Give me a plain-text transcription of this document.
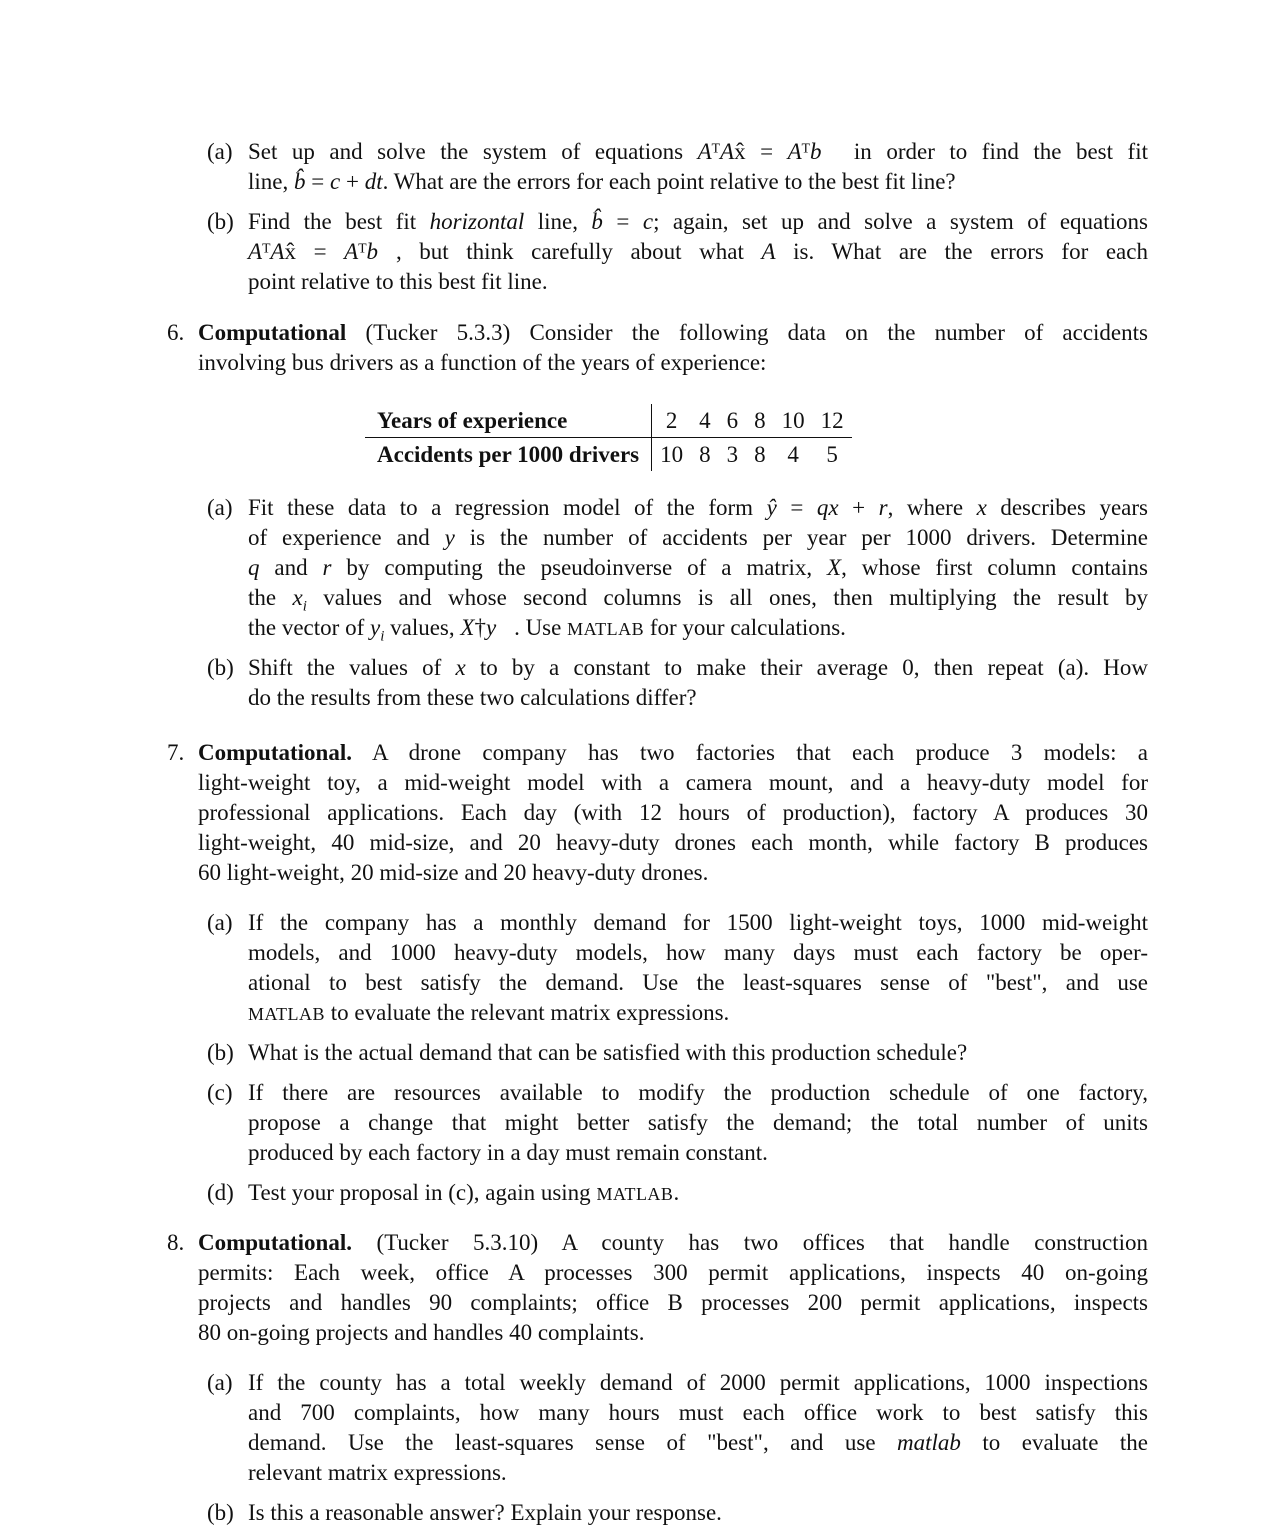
(a) Set up and solve the system of equations AᵀAx̂ = Aᵀb⃗ in order to find the best fit
line, b̂ = c + dt. What are the errors for each point relative to the best fit line?
(b) Find the best fit horizontal line, b̂ = c; again, set up and solve a system of equations
AᵀAx̂ = Aᵀb⃗, but think carefully about what A is. What are the errors for each
point relative to this best fit line.
6. Computational (Tucker 5.3.3) Consider the following data on the number of accidents
involving bus drivers as a function of the years of experience:
Years of experience	2	4	6	8	10	12
Accidents per 1000 drivers	10	8	3	8	4	5
(a) Fit these data to a regression model of the form ŷ = qx + r, where x describes years
of experience and y is the number of accidents per year per 1000 drivers. Determine
q and r by computing the pseudoinverse of a matrix, X, whose first column contains
the $x_i$ values and whose second columns is all ones, then multiplying the result by
the vector of $y_i$ values, X†y⃗. Use MATLAB for your calculations.
(b) Shift the values of x to by a constant to make their average 0, then repeat (a). How
do the results from these two calculations differ?
7. Computational. A drone company has two factories that each produce 3 models: a
light-weight toy, a mid-weight model with a camera mount, and a heavy-duty model for
professional applications. Each day (with 12 hours of production), factory A produces 30
light-weight, 40 mid-size, and 20 heavy-duty drones each month, while factory B produces
60 light-weight, 20 mid-size and 20 heavy-duty drones.
(a) If the company has a monthly demand for 1500 light-weight toys, 1000 mid-weight
models, and 1000 heavy-duty models, how many days must each factory be oper-
ational to best satisfy the demand. Use the least-squares sense of "best", and use
MATLAB to evaluate the relevant matrix expressions.
(b) What is the actual demand that can be satisfied with this production schedule?
(c) If there are resources available to modify the production schedule of one factory,
propose a change that might better satisfy the demand; the total number of units
produced by each factory in a day must remain constant.
(d) Test your proposal in (c), again using MATLAB.
8. Computational. (Tucker 5.3.10) A county has two offices that handle construction
permits: Each week, office A processes 300 permit applications, inspects 40 on-going
projects and handles 90 complaints; office B processes 200 permit applications, inspects
80 on-going projects and handles 40 complaints.
(a) If the county has a total weekly demand of 2000 permit applications, 1000 inspections
and 700 complaints, how many hours must each office work to best satisfy this
demand. Use the least-squares sense of "best", and use matlab to evaluate the
relevant matrix expressions.
(b) Is this a reasonable answer? Explain your response.
